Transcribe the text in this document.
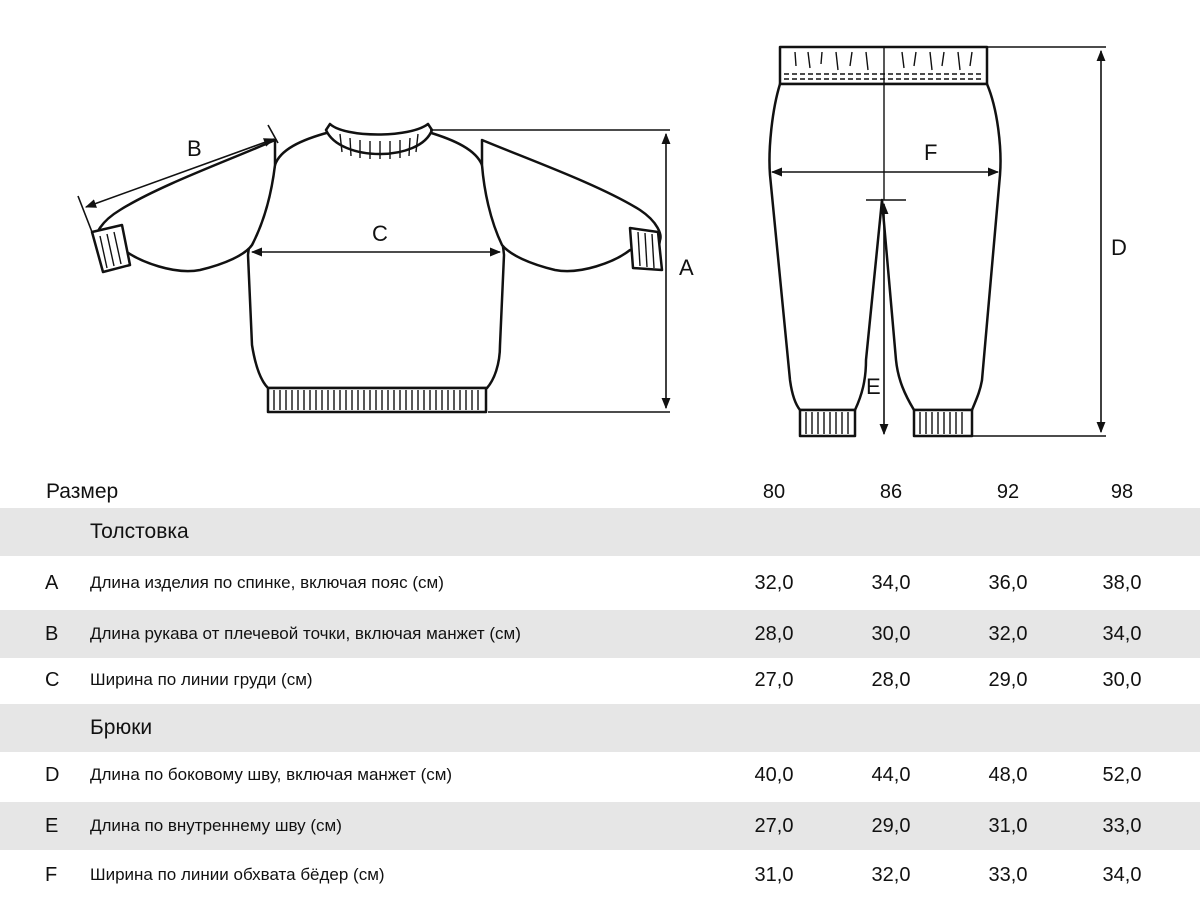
A
B
C
D
E
F
Размер	80	86	92	98
Толстовка
A Длина изделия по спинке, включая пояс (см)	32,0	34,0	36,0	38,0
B Длина рукава от плечевой точки, включая манжет (см)	28,0	30,0	32,0	34,0
C Ширина по линии груди (см)	27,0	28,0	29,0	30,0
Брюки
D Длина по боковому шву, включая манжет (см)	40,0	44,0	48,0	52,0
E Длина по внутреннему шву (см)	27,0	29,0	31,0	33,0
F Ширина по линии обхвата бёдер (см)	31,0	32,0	33,0	34,0
